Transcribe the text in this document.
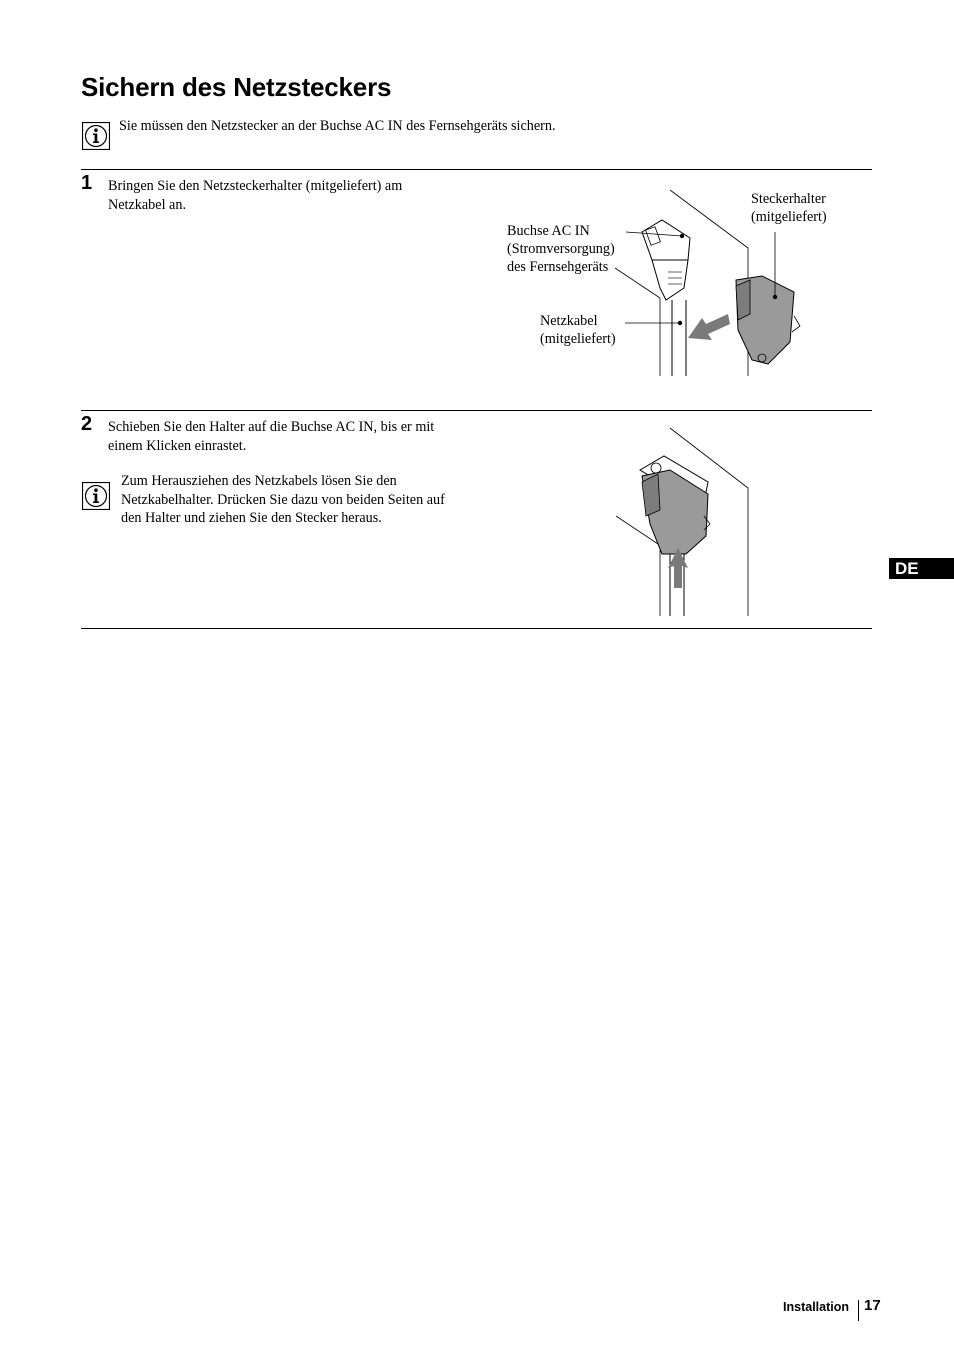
Sichern des Netzsteckers
Sie müssen den Netzstecker an der Buchse AC IN des Fernsehgeräts sichern.
1 Bringen Sie den Netzsteckerhalter (mitgeliefert) am
Netzkabel an.
Buchse AC IN
(Stromversorgung)
des Fernsehgeräts
Steckerhalter
(mitgeliefert)
Netzkabel
(mitgeliefert)
2 Schieben Sie den Halter auf die Buchse AC IN, bis er mit
einem Klicken einrastet.
Zum Herausziehen des Netzkabels lösen Sie den
Netzkabelhalter. Drücken Sie dazu von beiden Seiten auf
den Halter und ziehen Sie den Stecker heraus.
DE
Installation 17
